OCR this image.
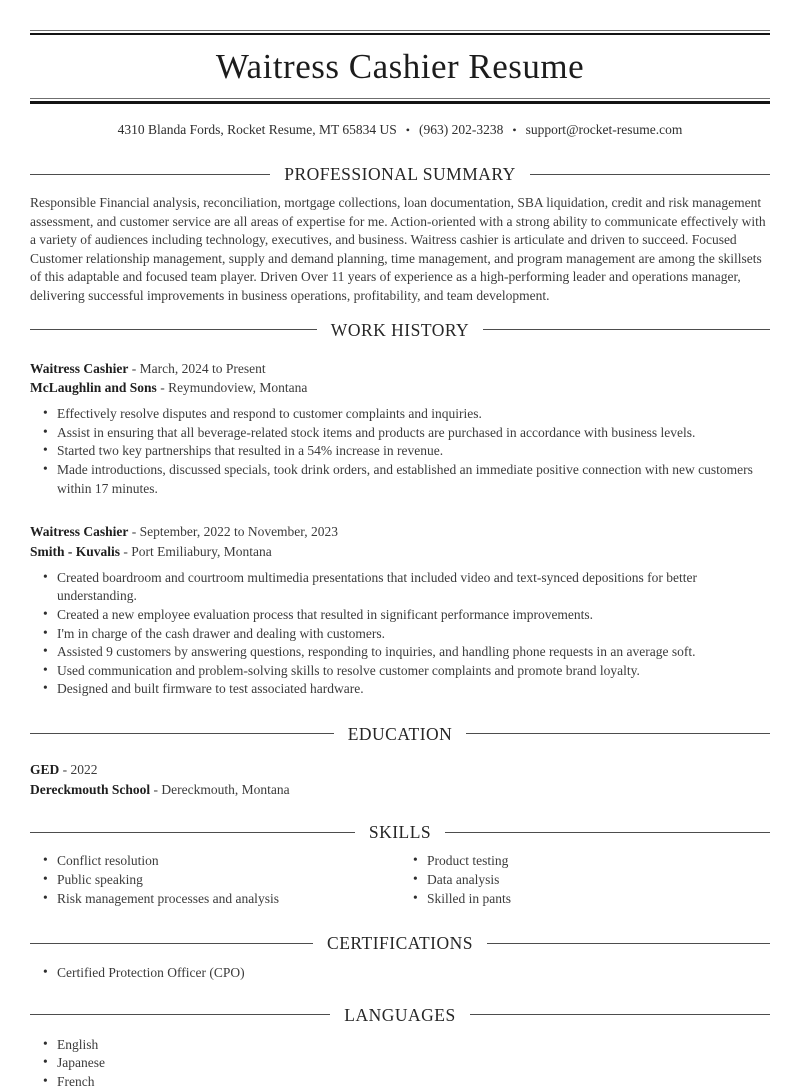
Waitress Cashier Resume
4310 Blanda Fords, Rocket Resume, MT 65834 US • (963) 202-3238 • support@rocket-resume.com
PROFESSIONAL SUMMARY

Responsible Financial analysis, reconciliation, mortgage collections, loan documentation, SBA liquidation, credit and risk management assessment, and customer service are all areas of expertise for me. Action-oriented with a strong ability to communicate effectively with a variety of audiences including technology, executives, and business. Waitress cashier is articulate and driven to succeed. Focused Customer relationship management, supply and demand planning, time management, and program management are among the skillsets of this adaptable and focused team player. Driven Over 11 years of experience as a high-performing leader and operations manager, delivering successful improvements in business operations, profitability, and team development.

WORK HISTORY

Waitress Cashier - March, 2024 to Present

McLaughlin and Sons - Reymundoview, Montana

• Effectively resolve disputes and respond to customer complaints and inquiries.
• Assist in ensuring that all beverage-related stock items and products are purchased in accordance with business levels.
• Started two key partnerships that resulted in a 54% increase in revenue.
• Made introductions, discussed specials, took drink orders, and established an immediate positive connection with new customers within 17 minutes.

Waitress Cashier - September, 2022 to November, 2023

Smith - Kuvalis - Port Emiliabury, Montana

• Created boardroom and courtroom multimedia presentations that included video and text-synced depositions for better understanding.
• Created a new employee evaluation process that resulted in significant performance improvements.
• I'm in charge of the cash drawer and dealing with customers.
• Assisted 9 customers by answering questions, responding to inquiries, and handling phone requests in an average soft.
• Used communication and problem-solving skills to resolve customer complaints and promote brand loyalty.
• Designed and built firmware to test associated hardware.
EDUCATION

GED - 2022

Dereckmouth School - Dereckmouth, Montana

SKILLS
• Conflict resolution
• Public speaking
• Risk management processes and analysis
• Product testing
• Data analysis
• Skilled in pants
CERTIFICATIONS
• Certified Protection Officer (CPO)
LANGUAGES
• English
• Japanese
• French
